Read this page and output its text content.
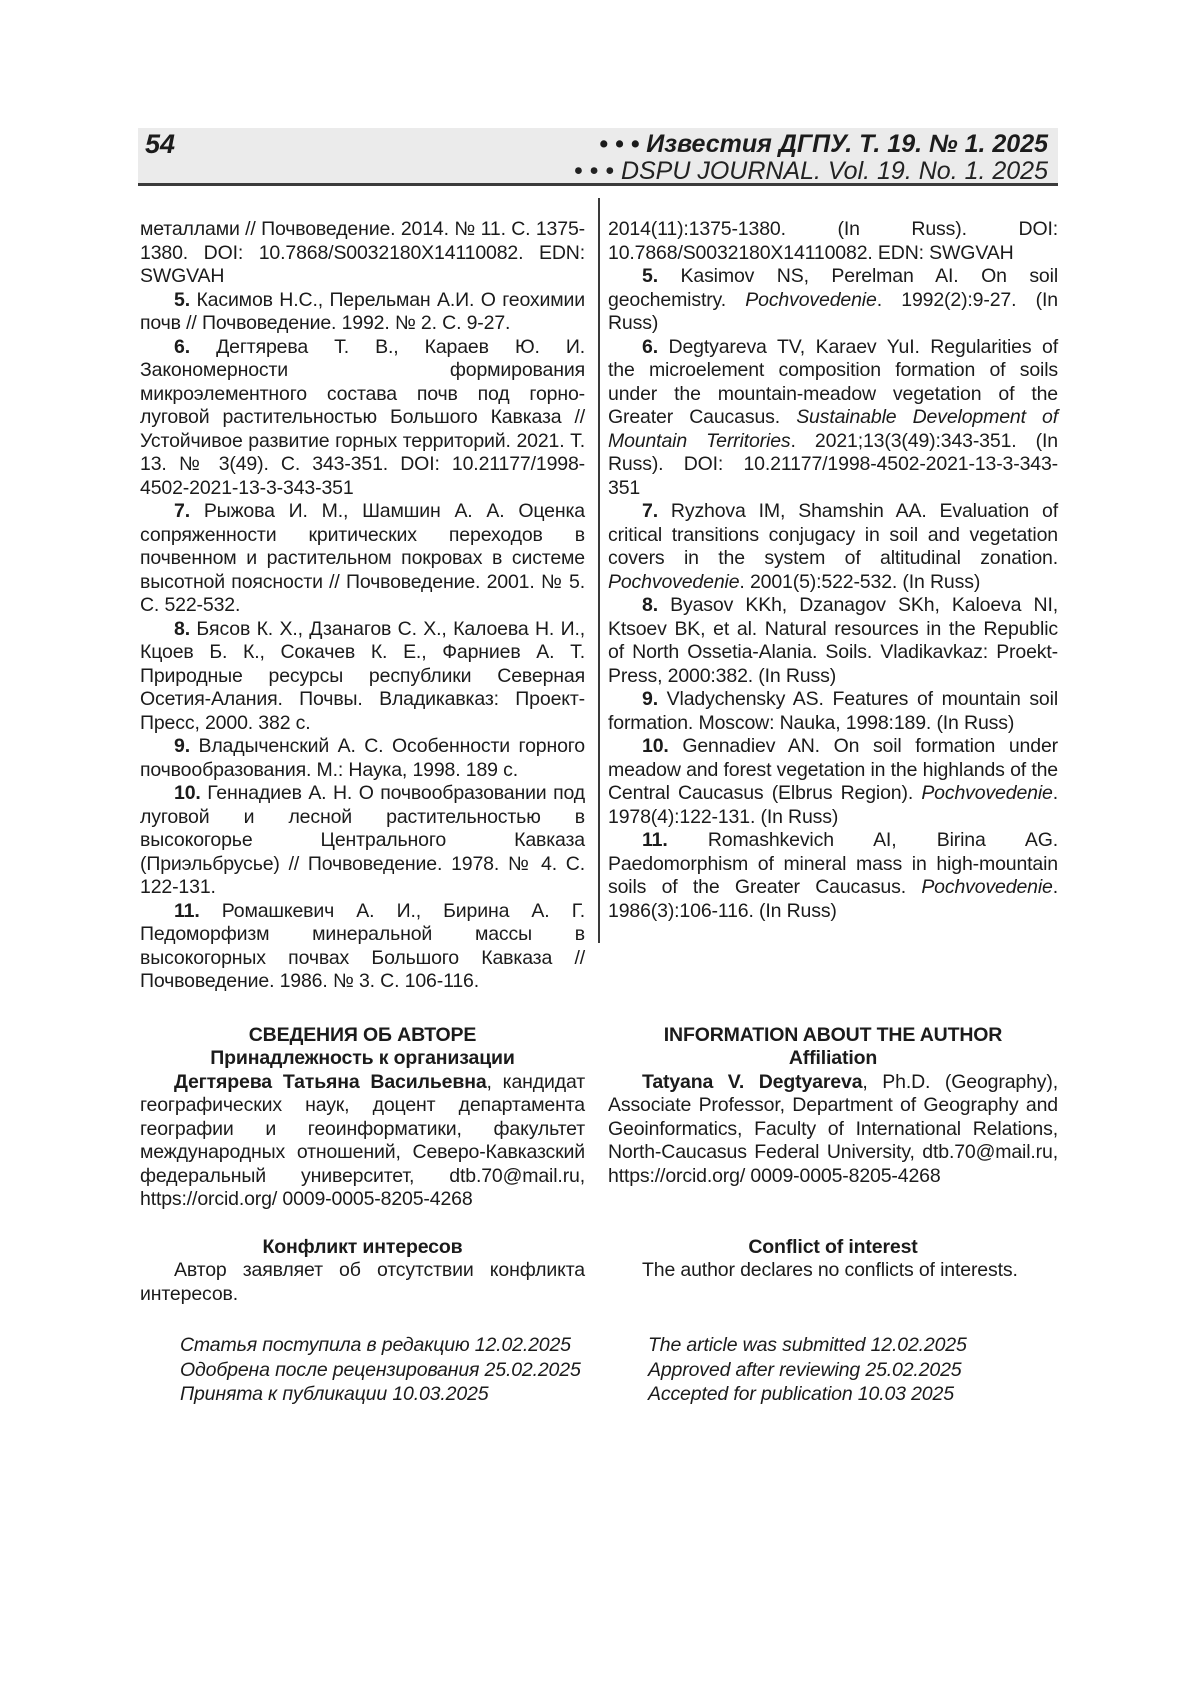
54	• • • Известия ДГПУ. Т. 19. № 1. 2025
• • • DSPU JOURNAL. Vol. 19. No. 1. 2025

металлами // Почвоведение. 2014. № 11. С. 1375-1380. DOI: 10.7868/S0032180X14110082. EDN: SWGVAH

5. Касимов Н.С., Перельман А.И. О геохимии почв // Почвоведение. 1992. № 2. С. 9-27.

6. Дегтярева Т. В., Караев Ю. И. Закономерности формирования микроэлементного состава почв под горно-луговой растительностью Большого Кавказа // Устойчивое развитие горных территорий. 2021. Т. 13. № 3(49). С. 343-351. DOI: 10.21177/1998-4502-2021-13-3-343-351

7. Рыжова И. М., Шамшин А. А. Оценка сопряженности критических переходов в почвенном и растительном покровах в системе высотной поясности // Почвоведение. 2001. № 5. С. 522-532.

8. Бясов К. Х., Дзанагов С. Х., Калоева Н. И., Кцоев Б. К., Сокачев К. Е., Фарниев А. Т. Природные ресурсы республики Северная Осетия-Алания. Почвы. Владикавказ: Проект-Пресс, 2000. 382 с.

9. Владыченский А. С. Особенности горного почвообразования. М.: Наука, 1998. 189 с.

10. Геннадиев А. Н. О почвообразовании под луговой и лесной растительностью в высокогорье Центрального Кавказа (Приэльбрусье) // Почвоведение. 1978. № 4. С. 122-131.

11. Ромашкевич А. И., Бирина А. Г. Педоморфизм минеральной массы в высокогорных почвах Большого Кавказа // Почвоведение. 1986. № 3. С. 106-116.

2014(11):1375-1380. (In Russ). DOI: 10.7868/S0032180X14110082. EDN: SWGVAH

5. Kasimov NS, Perelman AI. On soil geochemistry. Pochvovedenie. 1992(2):9-27. (In Russ)

6. Degtyareva TV, Karaev YuI. Regularities of the microelement composition formation of soils under the mountain-meadow vegetation of the Greater Caucasus. Sustainable Development of Mountain Territories. 2021;13(3(49):343-351. (In Russ). DOI: 10.21177/1998-4502-2021-13-3-343-351

7. Ryzhova IM, Shamshin AA. Evaluation of critical transitions conjugacy in soil and vegetation covers in the system of altitudinal zonation. Pochvovedenie. 2001(5):522-532. (In Russ)

8. Byasov KKh, Dzanagov SKh, Kaloeva NI, Ktsoev BK, et al. Natural resources in the Republic of North Ossetia-Alania. Soils. Vladikavkaz: Proekt-Press, 2000:382. (In Russ)

9. Vladychensky AS. Features of mountain soil formation. Moscow: Nauka, 1998:189. (In Russ)

10. Gennadiev AN. On soil formation under meadow and forest vegetation in the highlands of the Central Caucasus (Elbrus Region). Pochvovedenie. 1978(4):122-131. (In Russ)

11. Romashkevich AI, Birina AG. Paedomorphism of mineral mass in high-mountain soils of the Greater Caucasus. Pochvovedenie. 1986(3):106-116. (In Russ)

СВЕДЕНИЯ ОБ АВТОРЕ
Принадлежность к организации

Дегтярева Татьяна Васильевна, кандидат географических наук, доцент департамента географии и геоинформатики, факультет международных отношений, Северо-Кавказский федеральный университет, dtb.70@mail.ru, https://orcid.org/ 0009-0005-8205-4268

INFORMATION ABOUT THE AUTHOR
Affiliation

Tatyana V. Degtyareva, Ph.D. (Geography), Associate Professor, Department of Geography and Geoinformatics, Faculty of International Relations, North-Caucasus Federal University, dtb.70@mail.ru, https://orcid.org/ 0009-0005-8205-4268

Конфликт интересов

Автор заявляет об отсутствии конфликта интересов.

Conflict of interest

The author declares no conflicts of interests.

Статья поступила в редакцию 12.02.2025
Одобрена после рецензирования 25.02.2025
Принята к публикации 10.03.2025
The article was submitted 12.02.2025
Approved after reviewing 25.02.2025
Accepted for publication 10.03 2025
